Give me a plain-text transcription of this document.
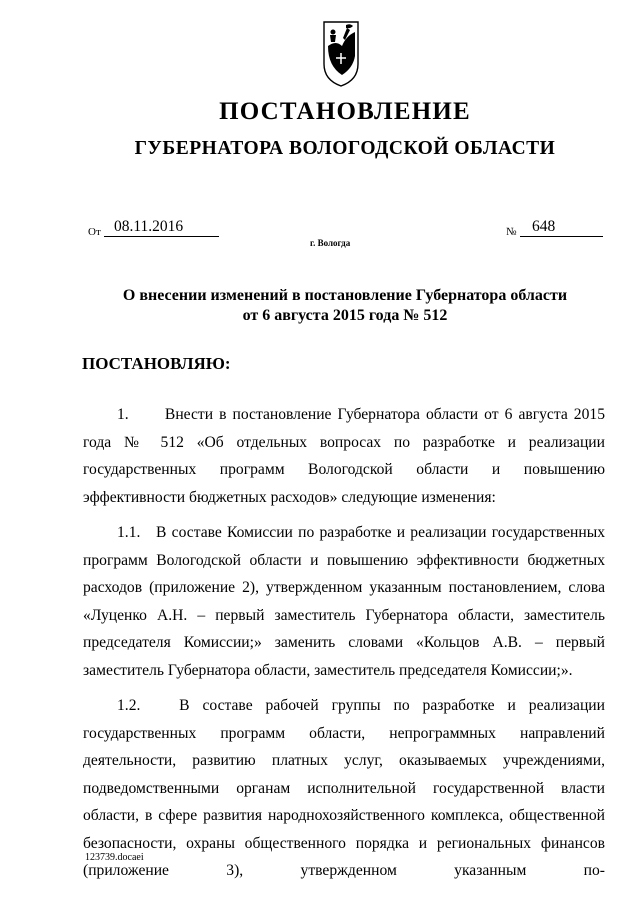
ПОСТАНОВЛЕНИЕ
ГУБЕРНАТОРА ВОЛОГОДСКОЙ ОБЛАСТИ
От 08.11.2016	№	648
г. Вологда
О внесении изменений в постановление Губернатора области
от 6 августа 2015 года № 512
ПОСТАНОВЛЯЮ:

1.      Внести в постановление Губернатора области от 6 августа 2015 года № 512 «Об отдельных вопросах по разработке и реализации государственных программ Вологодской области и повышению эффективности бюджетных расходов» следующие изменения:

1.1.   В составе Комиссии по разработке и реализации государственных программ Вологодской области и повышению эффективности бюджетных расходов (приложение 2), утвержденном указанным постановлением, слова «Луценко А.Н. – первый заместитель Губернатора области, заместитель председателя Комиссии;» заменить словами «Кольцов А.В. – первый заместитель Губернатора области, заместитель председателя Комиссии;».

1.2.   В составе рабочей группы по разработке и реализации государственных программ области, непрограммных направлений деятельности, развитию платных услуг, оказываемых учреждениями, подведомственными органам исполнительной государственной власти области, в сфере развития народнохозяйственного комплекса, общественной безопасности, охраны общественного порядка и региональных финансов (приложение 3), утвержденном указанным по-

123739.docaei
